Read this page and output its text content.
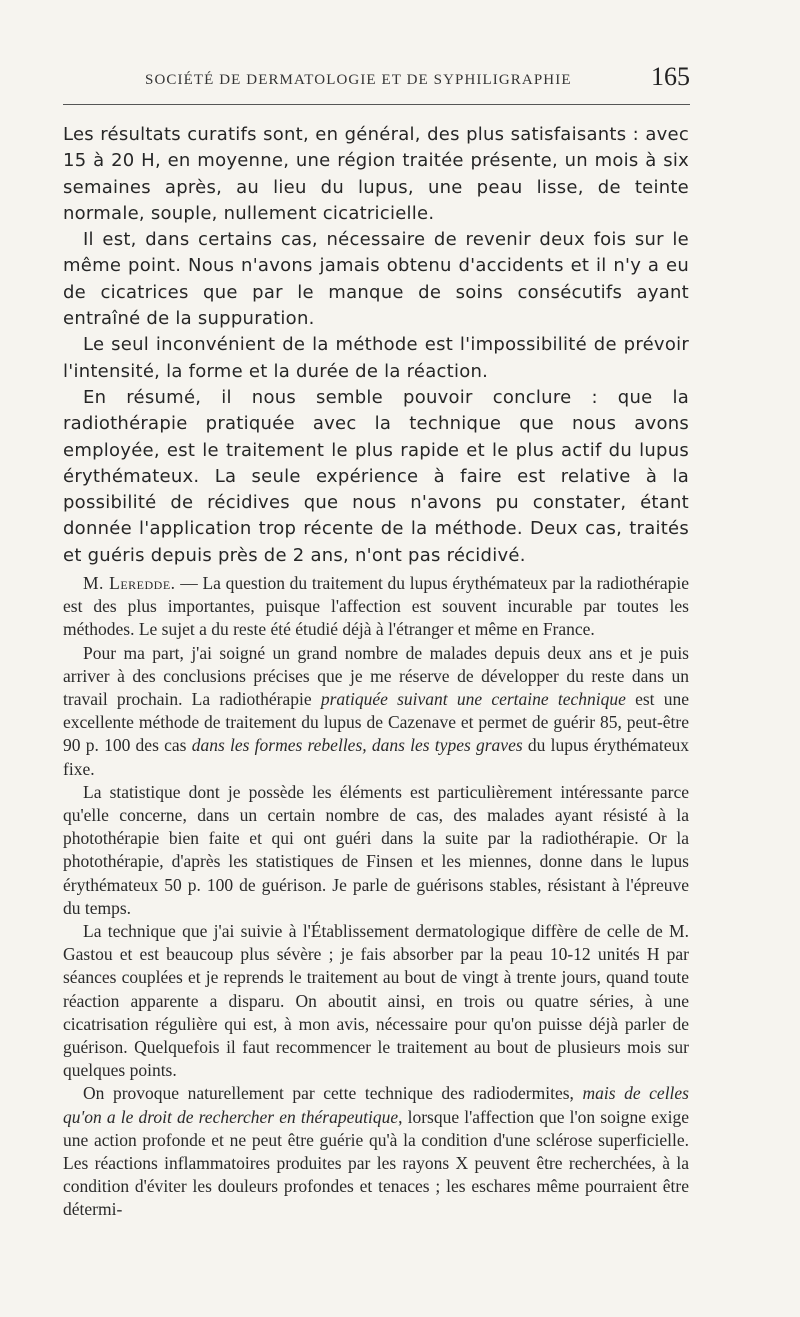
SOCIÉTÉ DE DERMATOLOGIE ET DE SYPHILIGRAPHIE	165

Les résultats curatifs sont, en général, des plus satisfaisants : avec 15 à 20 H, en moyenne, une région traitée présente, un mois à six semaines après, au lieu du lupus, une peau lisse, de teinte normale, souple, nullement cicatricielle.

Il est, dans certains cas, nécessaire de revenir deux fois sur le même point. Nous n'avons jamais obtenu d'accidents et il n'y a eu de cicatrices que par le manque de soins consécutifs ayant entraîné de la suppuration.

Le seul inconvénient de la méthode est l'impossibilité de prévoir l'intensité, la forme et la durée de la réaction.

En résumé, il nous semble pouvoir conclure : que la radiothérapie pratiquée avec la technique que nous avons employée, est le traitement le plus rapide et le plus actif du lupus érythémateux. La seule expérience à faire est relative à la possibilité de récidives que nous n'avons pu constater, étant donnée l'application trop récente de la méthode. Deux cas, traités et guéris depuis près de 2 ans, n'ont pas récidivé.

M. Leredde. — La question du traitement du lupus érythémateux par la radiothérapie est des plus importantes, puisque l'affection est souvent incurable par toutes les méthodes. Le sujet a du reste été étudié déjà à l'étranger et même en France.

Pour ma part, j'ai soigné un grand nombre de malades depuis deux ans et je puis arriver à des conclusions précises que je me réserve de développer du reste dans un travail prochain. La radiothérapie pratiquée suivant une certaine technique est une excellente méthode de traitement du lupus de Cazenave et permet de guérir 85, peut-être 90 p. 100 des cas dans les formes rebelles, dans les types graves du lupus érythémateux fixe.

La statistique dont je possède les éléments est particulièrement intéressante parce qu'elle concerne, dans un certain nombre de cas, des malades ayant résisté à la photothérapie bien faite et qui ont guéri dans la suite par la radiothérapie. Or la photothérapie, d'après les statistiques de Finsen et les miennes, donne dans le lupus érythémateux 50 p. 100 de guérison. Je parle de guérisons stables, résistant à l'épreuve du temps.

La technique que j'ai suivie à l'Établissement dermatologique diffère de celle de M. Gastou et est beaucoup plus sévère ; je fais absorber par la peau 10-12 unités H par séances couplées et je reprends le traitement au bout de vingt à trente jours, quand toute réaction apparente a disparu. On aboutit ainsi, en trois ou quatre séries, à une cicatrisation régulière qui est, à mon avis, nécessaire pour qu'on puisse déjà parler de guérison. Quelquefois il faut recommencer le traitement au bout de plusieurs mois sur quelques points.

On provoque naturellement par cette technique des radiodermites, mais de celles qu'on a le droit de rechercher en thérapeutique, lorsque l'affection que l'on soigne exige une action profonde et ne peut être guérie qu'à la condition d'une sclérose superficielle. Les réactions inflammatoires produites par les rayons X peuvent être recherchées, à la condition d'éviter les douleurs profondes et tenaces ; les eschares même pourraient être détermi-
